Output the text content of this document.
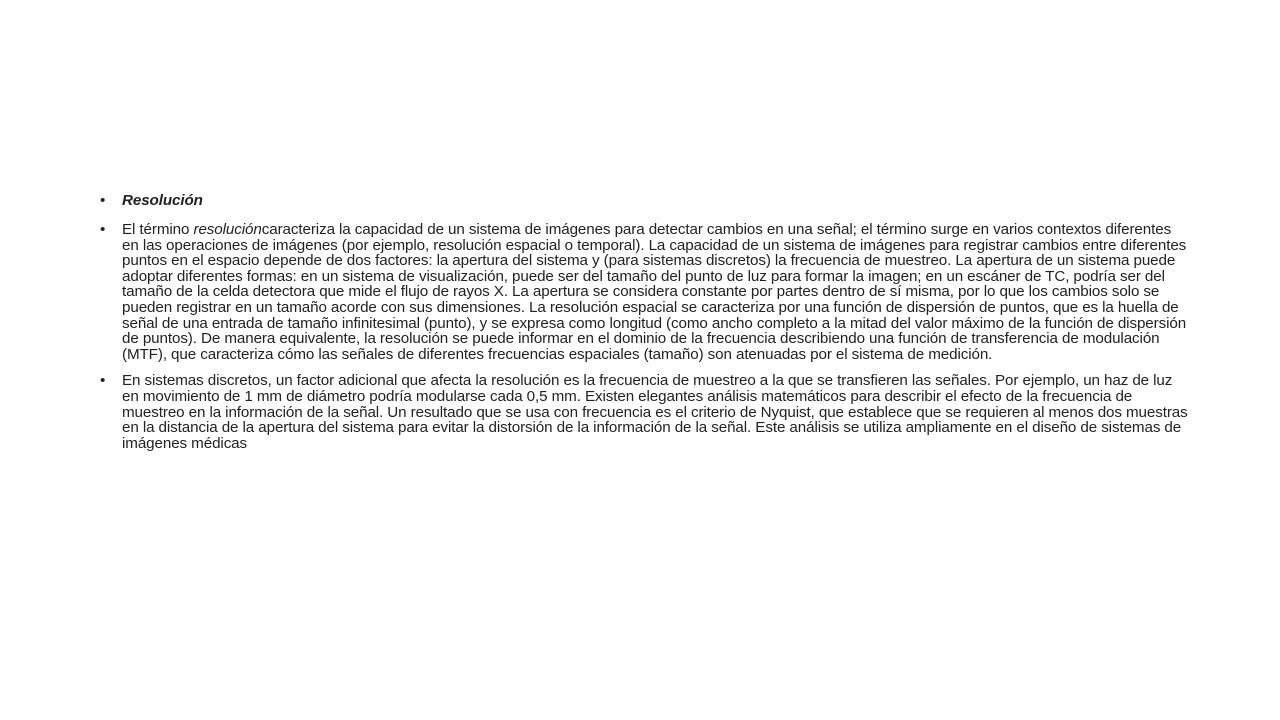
• Resolución
• El término resolucióncaracteriza la capacidad de un sistema de imágenes para detectar cambios en una señal; el término surge en varios contextos diferentes en las operaciones de imágenes (por ejemplo, resolución espacial o temporal). La capacidad de un sistema de imágenes para registrar cambios entre diferentes puntos en el espacio depende de dos factores: la apertura del sistema y (para sistemas discretos) la frecuencia de muestreo. La apertura de un sistema puede adoptar diferentes formas: en un sistema de visualización, puede ser del tamaño del punto de luz para formar la imagen; en un escáner de TC, podría ser del tamaño de la celda detectora que mide el flujo de rayos X. La apertura se considera constante por partes dentro de sí misma, por lo que los cambios solo se pueden registrar en un tamaño acorde con sus dimensiones. La resolución espacial se caracteriza por una función de dispersión de puntos, que es la huella de señal de una entrada de tamaño infinitesimal (punto), y se expresa como longitud (como ancho completo a la mitad del valor máximo de la función de dispersión de puntos). De manera equivalente, la resolución se puede informar en el dominio de la frecuencia describiendo una función de transferencia de modulación (MTF), que caracteriza cómo las señales de diferentes frecuencias espaciales (tamaño) son atenuadas por el sistema de medición.
• En sistemas discretos, un factor adicional que afecta la resolución es la frecuencia de muestreo a la que se transfieren las señales. Por ejemplo, un haz de luz en movimiento de 1 mm de diámetro podría modularse cada 0,5 mm. Existen elegantes análisis matemáticos para describir el efecto de la frecuencia de muestreo en la información de la señal. Un resultado que se usa con frecuencia es el criterio de Nyquist, que establece que se requieren al menos dos muestras en la distancia de la apertura del sistema para evitar la distorsión de la información de la señal. Este análisis se utiliza ampliamente en el diseño de sistemas de imágenes médicas
